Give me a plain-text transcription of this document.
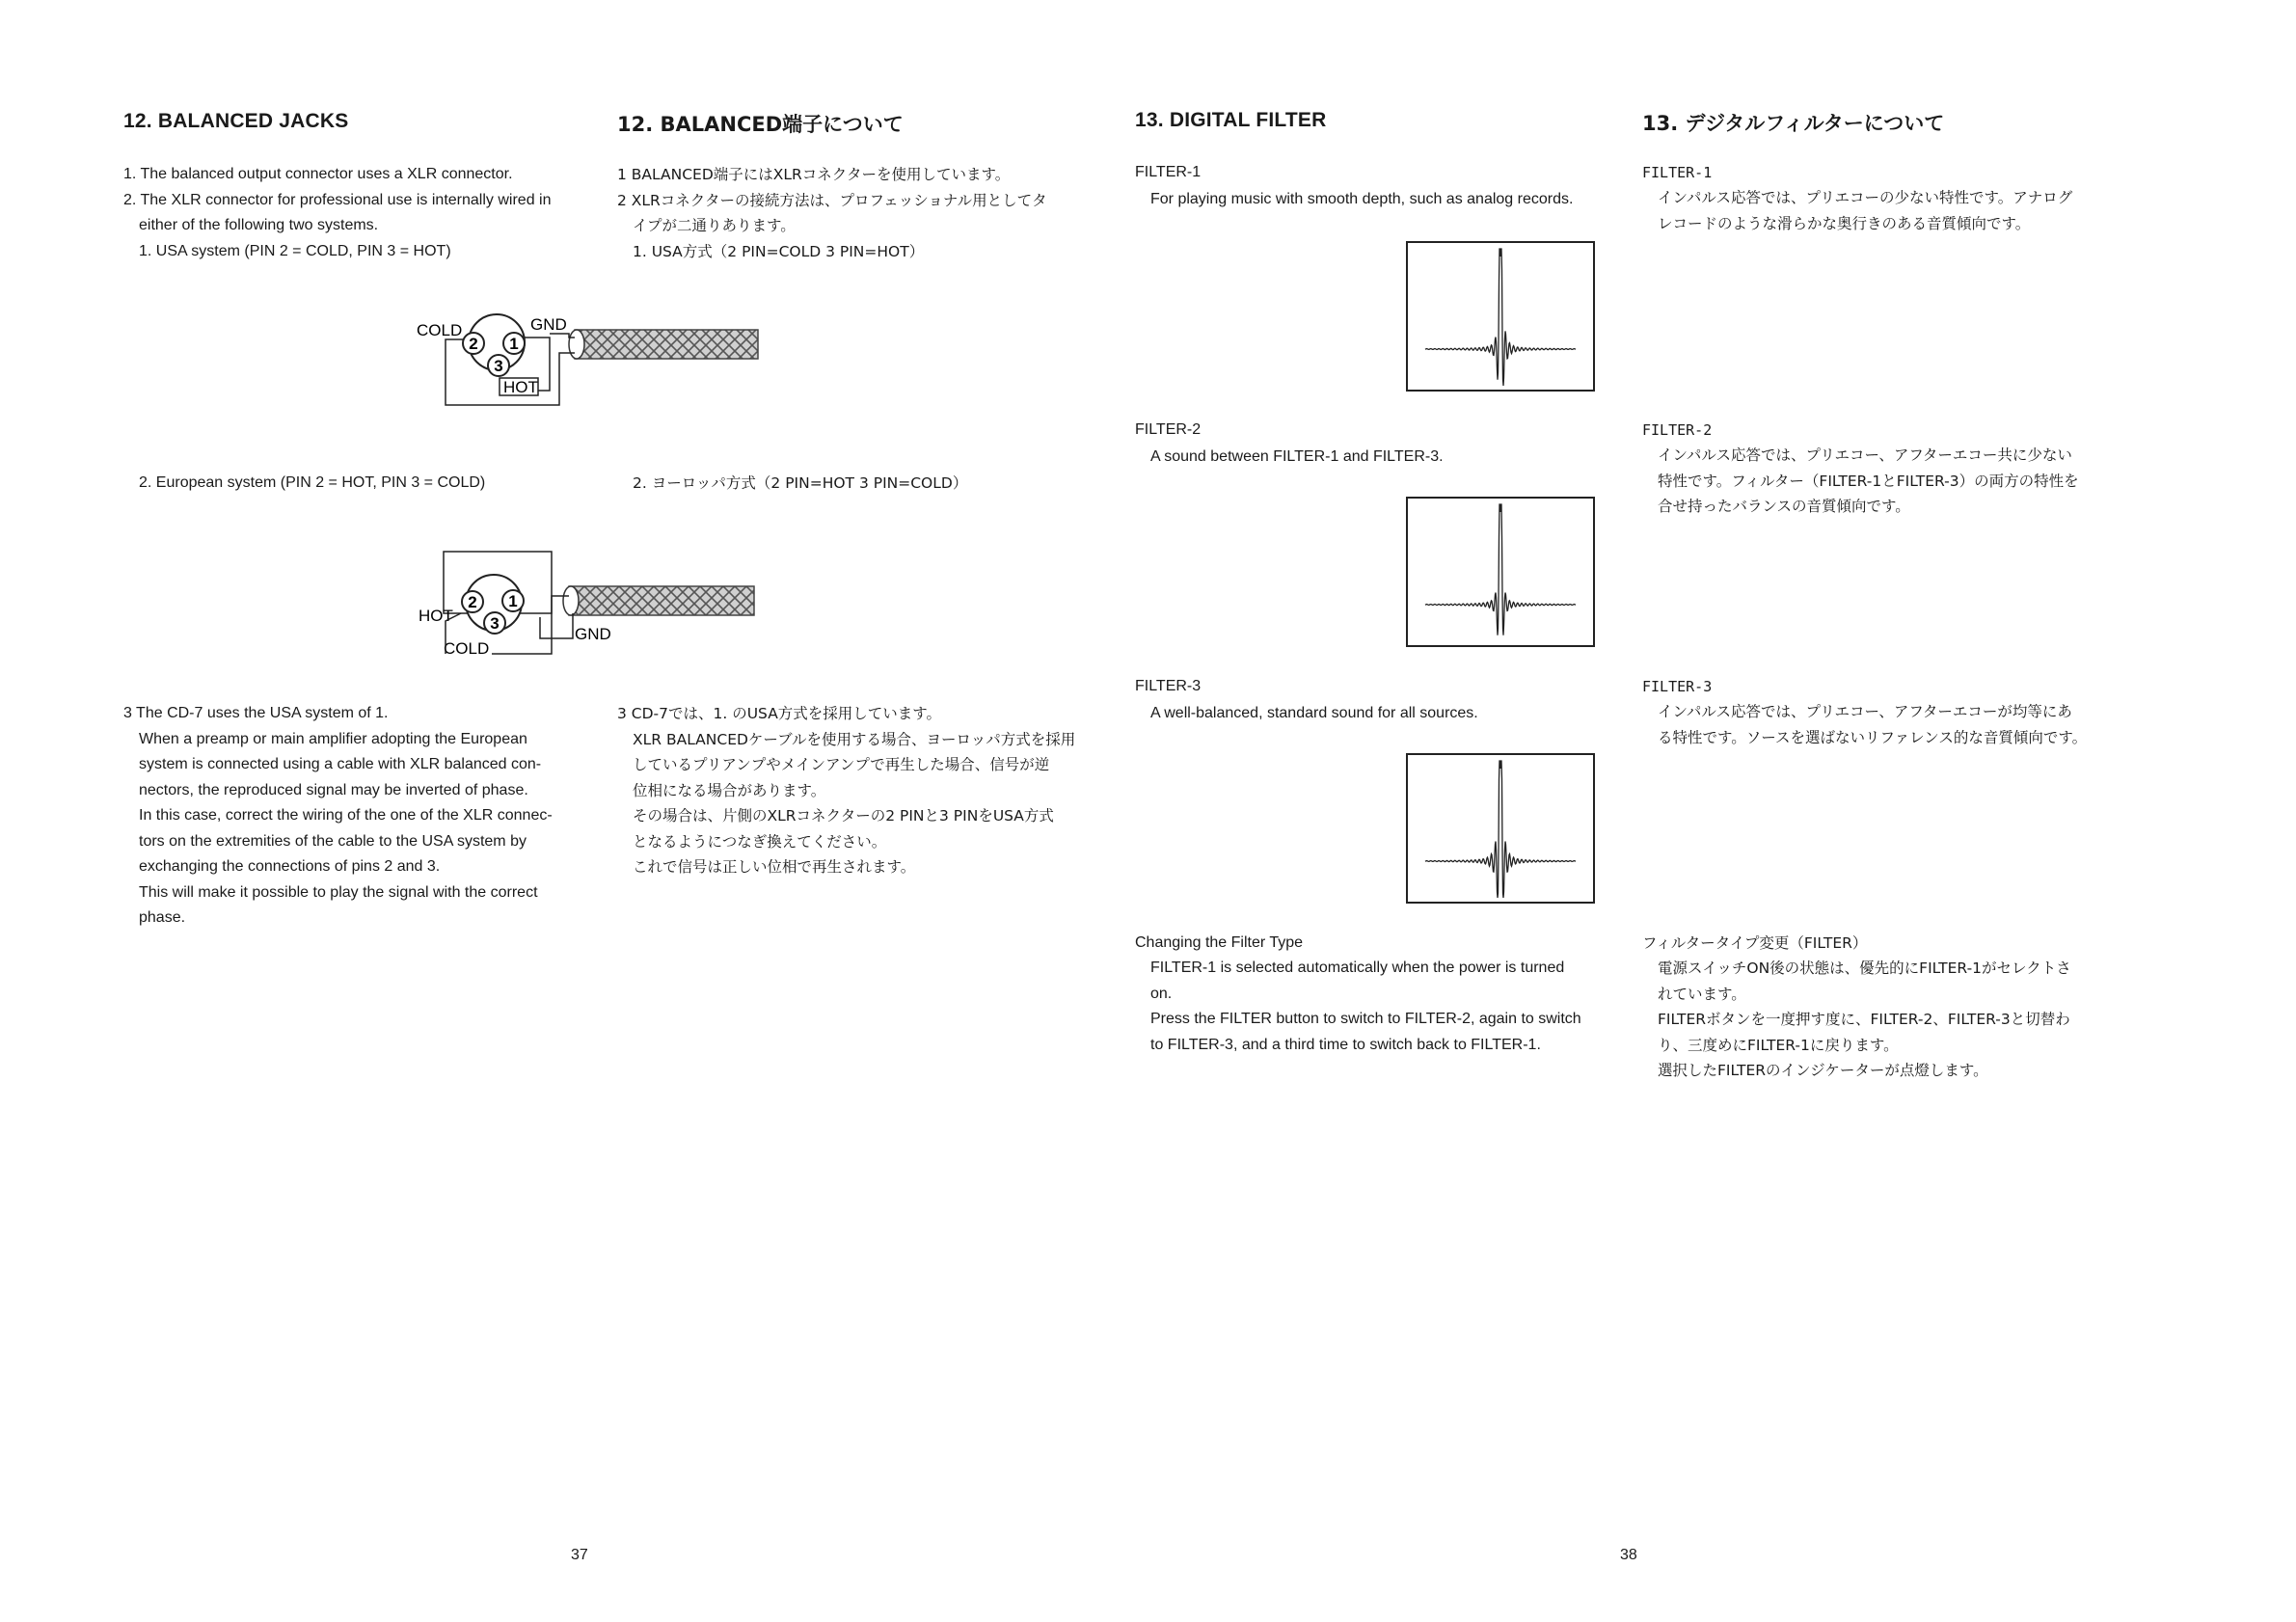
12. BALANCED JACKS
1. The balanced output connector uses a XLR connector.
2. The XLR connector for professional use is internally wired in
either of the following two systems.
1. USA system (PIN 2 = COLD, PIN 3 = HOT)
2. European system (PIN 2 = HOT, PIN 3 = COLD)
3 The CD-7 uses the USA system of 1.
When a preamp or main amplifier adopting the European
system is connected using a cable with XLR balanced con-
nectors, the reproduced signal may be inverted of phase.
In this case, correct the wiring of the one of the XLR connec-
tors on the extremities of the cable to the USA system by
exchanging the connections of pins 2 and 3.
This will make it possible to play the signal with the correct
phase.
12. BALANCED端子について
1 BALANCED端子にはXLRコネクターを使用しています。
2 XLRコネクターの接続方法は、プロフェッショナル用としてタ
イプが二通りあります。
1. USA方式（2 PIN=COLD 3 PIN=HOT）
2. ヨーロッパ方式（2 PIN=HOT 3 PIN=COLD）
3 CD-7では、1. のUSA方式を採用しています。
XLR BALANCEDケーブルを使用する場合、ヨーロッパ方式を採用
しているプリアンプやメインアンプで再生した場合、信号が逆
位相になる場合があります。
その場合は、片側のXLRコネクターの2 PINと3 PINをUSA方式
となるようにつなぎ換えてください。
これで信号は正しい位相で再生されます。
2 1
3
COLD	GND
HOT
2 1
3
HOT
COLD
GND
37
13. DIGITAL FILTER
FILTER-1
For playing music with smooth depth, such as analog records.
FILTER-2
A sound between FILTER-1 and FILTER-3.
FILTER-3
A well-balanced, standard sound for all sources.
Changing the Filter Type
FILTER-1 is selected automatically when the power is turned
on.
Press the FILTER button to switch to FILTER-2, again to switch
to FILTER-3, and a third time to switch back to FILTER-1.
13. デジタルフィルターについて
FILTER-1
インパルス応答では、プリエコーの少ない特性です。アナログ
レコードのような滑らかな奥行きのある音質傾向です。
FILTER-2
インパルス応答では、プリエコー、アフターエコー共に少ない
特性です。フィルター（FILTER-1とFILTER-3）の両方の特性を
合せ持ったバランスの音質傾向です。
FILTER-3
インパルス応答では、プリエコー、アフターエコーが均等にあ
る特性です。ソースを選ばないリファレンス的な音質傾向です。
フィルタータイプ変更（FILTER）
電源スイッチON後の状態は、優先的にFILTER-1がセレクトさ
れています。
FILTERボタンを一度押す度に、FILTER-2、FILTER-3と切替わ
り、三度めにFILTER-1に戻ります。
選択したFILTERのインジケーターが点燈します。
38
